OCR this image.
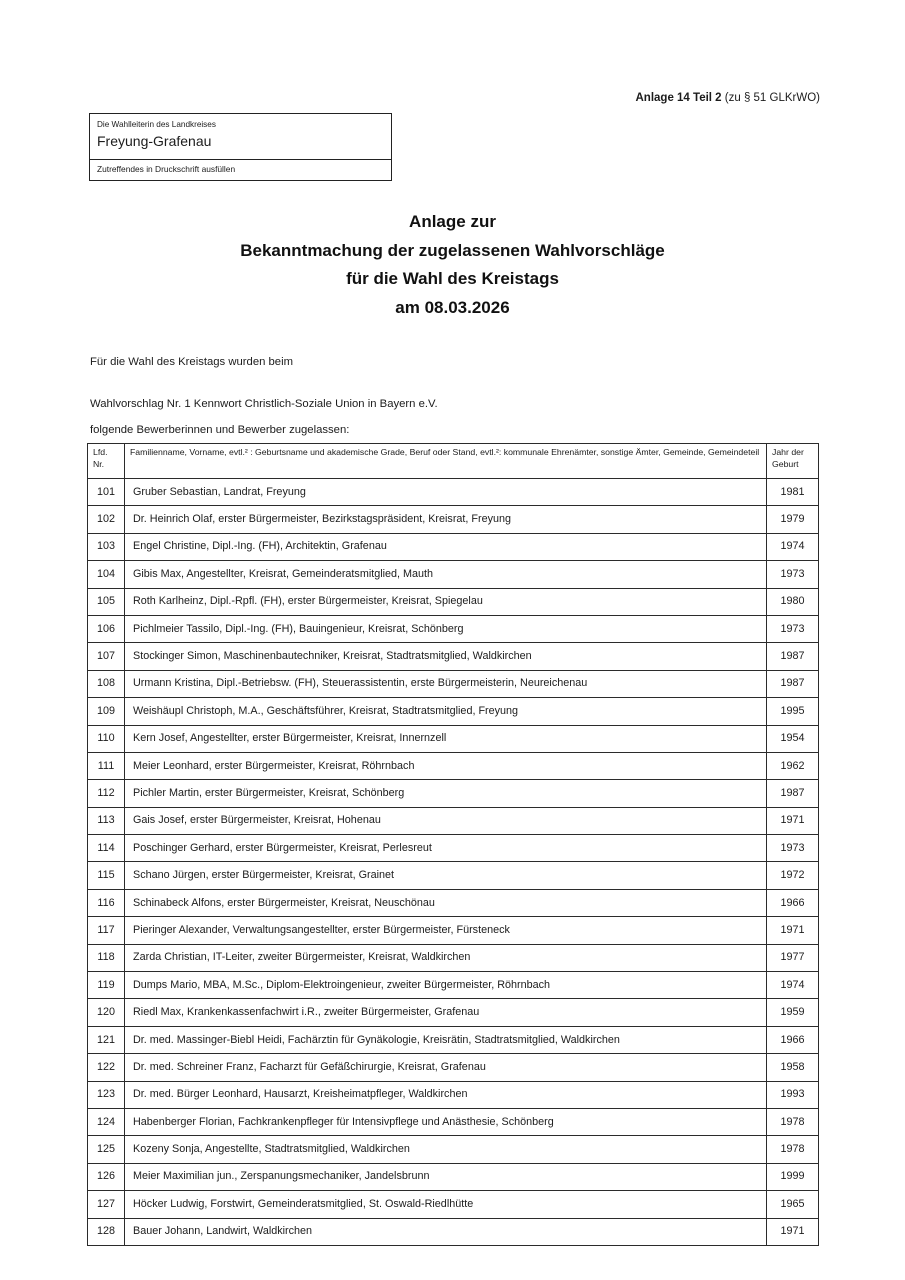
Anlage 14 Teil 2 (zu § 51 GLKrWO)
Die Wahlleiterin des Landkreises
Freyung-Grafenau
Zutreffendes in Druckschrift ausfüllen
Anlage zur
Bekanntmachung der zugelassenen Wahlvorschläge
für die Wahl des Kreistags
am 08.03.2026
Für die Wahl des Kreistags wurden beim
Wahlvorschlag Nr. 1 Kennwort Christlich-Soziale Union in Bayern e.V.
folgende Bewerberinnen und Bewerber zugelassen:
Lfd.
Nr.
	Familienname, Vorname, evtl.² : Geburtsname und akademische Grade, Beruf oder Stand, evtl.²: kommunale Ehrenämter, sonstige Ämter, Gemeinde, Gemeindeteil	Jahr der
Geburt

101	Gruber Sebastian, Landrat, Freyung	1981
102	Dr. Heinrich Olaf, erster Bürgermeister, Bezirkstagspräsident, Kreisrat, Freyung	1979
103	Engel Christine, Dipl.-Ing. (FH), Architektin, Grafenau	1974
104	Gibis Max, Angestellter, Kreisrat, Gemeinderatsmitglied, Mauth	1973
105	Roth Karlheinz, Dipl.-Rpfl. (FH), erster Bürgermeister, Kreisrat, Spiegelau	1980
106	Pichlmeier Tassilo, Dipl.-Ing. (FH), Bauingenieur, Kreisrat, Schönberg	1973
107	Stockinger Simon, Maschinenbautechniker, Kreisrat, Stadtratsmitglied, Waldkirchen	1987
108	Urmann Kristina, Dipl.-Betriebsw. (FH), Steuerassistentin, erste Bürgermeisterin, Neureichenau	1987
109	Weishäupl Christoph, M.A., Geschäftsführer, Kreisrat, Stadtratsmitglied, Freyung	1995
110	Kern Josef, Angestellter, erster Bürgermeister, Kreisrat, Innernzell	1954
111	Meier Leonhard, erster Bürgermeister, Kreisrat, Röhrnbach	1962
112	Pichler Martin, erster Bürgermeister, Kreisrat, Schönberg	1987
113	Gais Josef, erster Bürgermeister, Kreisrat, Hohenau	1971
114	Poschinger Gerhard, erster Bürgermeister, Kreisrat, Perlesreut	1973
115	Schano Jürgen, erster Bürgermeister, Kreisrat, Grainet	1972
116	Schinabeck Alfons, erster Bürgermeister, Kreisrat, Neuschönau	1966
117	Pieringer Alexander, Verwaltungsangestellter, erster Bürgermeister, Fürsteneck	1971
118	Zarda Christian, IT-Leiter, zweiter Bürgermeister, Kreisrat, Waldkirchen	1977
119	Dumps Mario, MBA, M.Sc., Diplom-Elektroingenieur, zweiter Bürgermeister, Röhrnbach	1974
120	Riedl Max, Krankenkassenfachwirt i.R., zweiter Bürgermeister, Grafenau	1959
121	Dr. med. Massinger-Biebl Heidi, Fachärztin für Gynäkologie, Kreisrätin, Stadtratsmitglied, Waldkirchen	1966
122	Dr. med. Schreiner Franz, Facharzt für Gefäßchirurgie, Kreisrat, Grafenau	1958
123	Dr. med. Bürger Leonhard, Hausarzt, Kreisheimatpfleger, Waldkirchen	1993
124	Habenberger Florian, Fachkrankenpfleger für Intensivpflege und Anästhesie, Schönberg	1978
125	Kozeny Sonja, Angestellte, Stadtratsmitglied, Waldkirchen	1978
126	Meier Maximilian jun., Zerspanungsmechaniker, Jandelsbrunn	1999
127	Höcker Ludwig, Forstwirt, Gemeinderatsmitglied, St. Oswald-Riedlhütte	1965
128	Bauer Johann, Landwirt, Waldkirchen	1971
